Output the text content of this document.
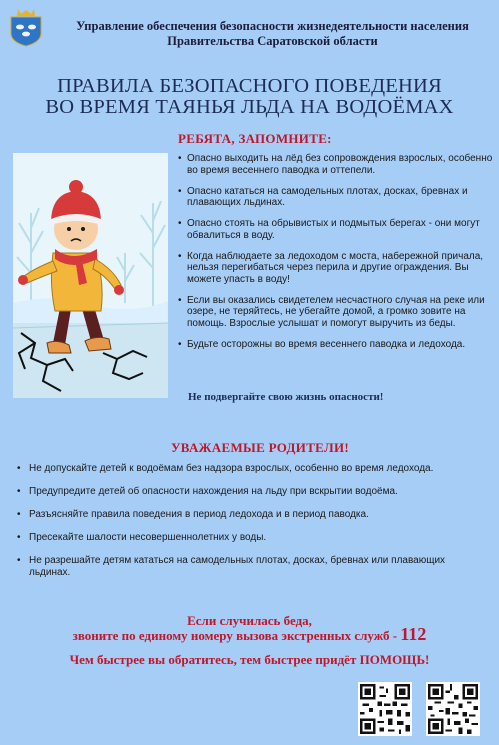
Управление обеспечения безопасности жизнедеятельности населения
Правительства Саратовской области
ПРАВИЛА БЕЗОПАСНОГО ПОВЕДЕНИЯ
ВО ВРЕМЯ ТАЯНЬЯ ЛЬДА НА ВОДОЁМАХ
РЕБЯТА, ЗАПОМНИТЕ:
• Опасно выходить на лёд без сопровождения взрослых, особенно во время весеннего паводка и оттепели.
• Опасно кататься на самодельных плотах, досках, бревнах и плавающих льдинах.
• Опасно стоять на обрывистых и подмытых берегах - они могут обвалиться в воду.
• Когда наблюдаете за ледоходом с моста, набережной причала, нельзя перегибаться через перила и другие ограждения. Вы можете упасть в воду!
• Если вы оказались свидетелем несчастного случая на реке или озере, не теряйтесь, не убегайте домой, а громко зовите на помощь. Взрослые услышат и помогут выручить из беды.
• Будьте осторожны во время весеннего паводка и ледохода.
Не подвергайте свою жизнь опасности!
УВАЖАЕМЫЕ РОДИТЕЛИ!
• Не допускайте детей к водоёмам без надзора взрослых, особенно во время ледохода.
• Предупредите детей об опасности нахождения на льду при вскрытии водоёма.
• Разъясняйте правила поведения в период ледохода и в период паводка.
• Пресекайте шалости несовершеннолетних у воды.
• Не разрешайте детям кататься на самодельных плотах, досках, бревнах или плавающих льдинах.
Если случилась беда,
звоните по единому номеру вызова экстренных служб - 112
Чем быстрее вы обратитесь, тем быстрее придёт ПОМОЩЬ!
